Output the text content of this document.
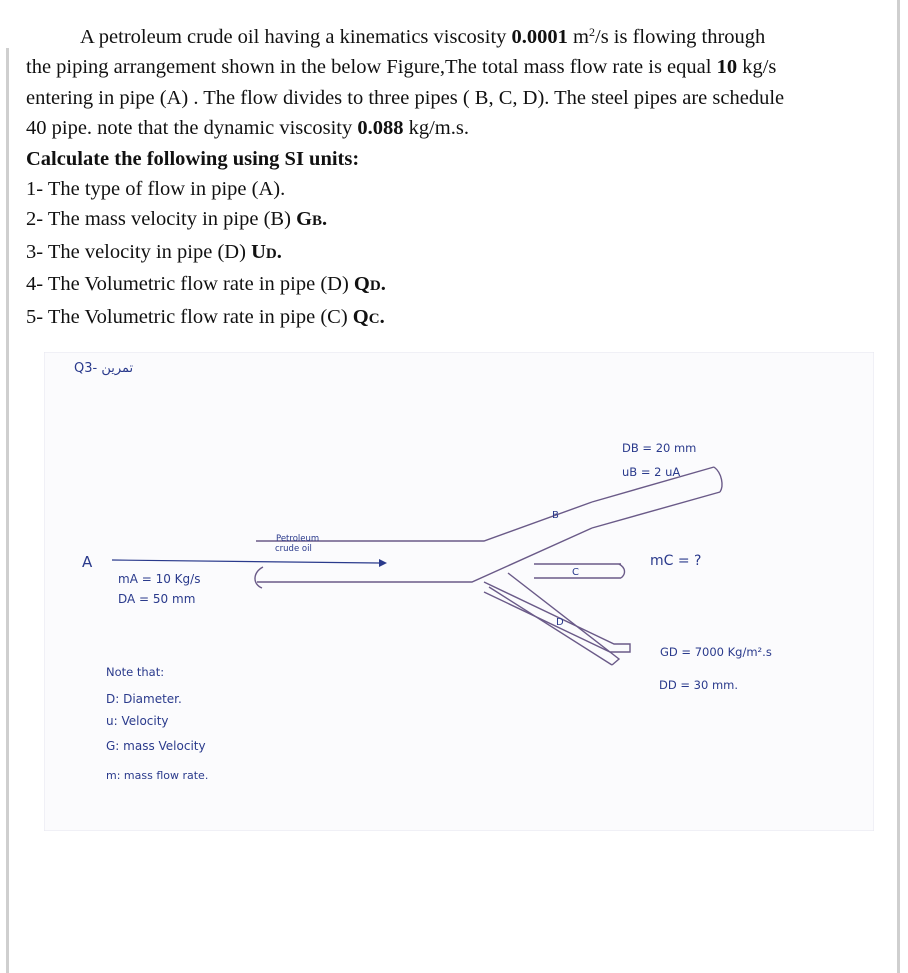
A petroleum crude oil having a kinematics viscosity 0.0001 $m^2/s$ is flowing through
the piping arrangement shown in the below Figure,The total mass flow rate is equal 10 kg/s
entering in pipe (A) . The flow divides to three pipes ( B, C, D). The steel pipes are schedule
40 pipe. note that the dynamic viscosity 0.088 kg/m.s.
Calculate the following using SI units:
1- The type of flow in pipe (A).
2- The mass velocity in pipe (B) GB.
3- The velocity in pipe (D) UD.
4- The Volumetric flow rate in pipe (D) QD.
5- The Volumetric flow rate in pipe (C) QC.
Q3- تمرين
A
B
C
D
Petroleum
crude oil
mA = 10 Kg/s
DA = 50 mm
DB = 20 mm
uB = 2 uA
mC = ?
GD = 7000 Kg/m².s
DD = 30 mm.
Note that:
D: Diameter.
u: Velocity
G: mass Velocity
m: mass flow rate.
